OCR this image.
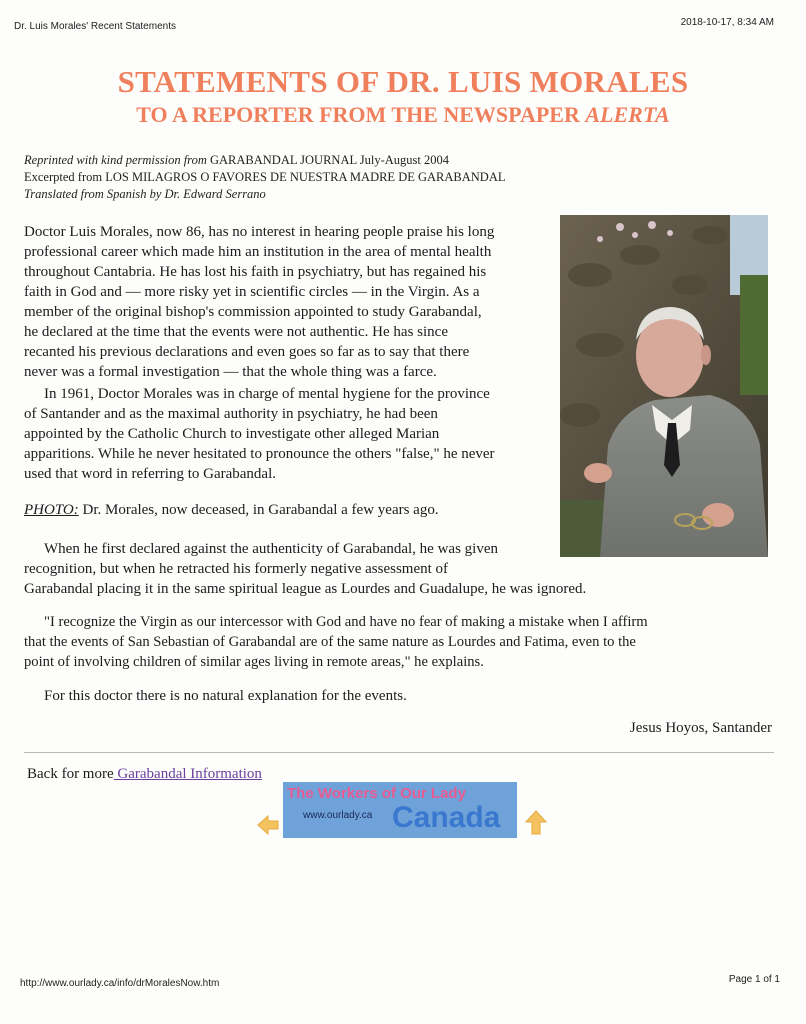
Dr. Luis Morales' Recent Statements	2018-10-17, 8:34 AM
STATEMENTS OF DR. LUIS MORALES
TO A REPORTER FROM THE NEWSPAPER ALERTA
Reprinted with kind permission from GARABANDAL JOURNAL July-August 2004
Excerpted from LOS MILAGROS O FAVORES DE NUESTRA MADRE DE GARABANDAL
Translated from Spanish by Dr. Edward Serrano
Doctor Luis Morales, now 86, has no interest in hearing people praise his long
professional career which made him an institution in the area of mental health
throughout Cantabria. He has lost his faith in psychiatry, but has regained his
faith in God and — more risky yet in scientific circles — in the Virgin. As a
member of the original bishop's commission appointed to study Garabandal,
he declared at the time that the events were not authentic. He has since
recanted his previous declarations and even goes so far as to say that there
never was a formal investigation — that the whole thing was a farce.
In 1961, Doctor Morales was in charge of mental hygiene for the province
of Santander and as the maximal authority in psychiatry, he had been
appointed by the Catholic Church to investigate other alleged Marian
apparitions. While he never hesitated to pronounce the others "false," he never
used that word in referring to Garabandal.
PHOTO: Dr. Morales, now deceased, in Garabandal a few years ago.
When he first declared against the authenticity of Garabandal, he was given
recognition, but when he retracted his formerly negative assessment of
Garabandal placing it in the same spiritual league as Lourdes and Guadalupe, he was ignored.
"I recognize the Virgin as our intercessor with God and have no fear of making a mistake when I affirm
that the events of San Sebastian of Garabandal are of the same nature as Lourdes and Fatima, even to the
point of involving children of similar ages living in remote areas," he explains.
For this doctor there is no natural explanation for the events.
Jesus Hoyos, Santander
Back for more Garabandal Information
The Workers of Our Lady
www.ourlady.ca Canada
http://www.ourlady.ca/info/drMoralesNow.htm	Page 1 of 1
